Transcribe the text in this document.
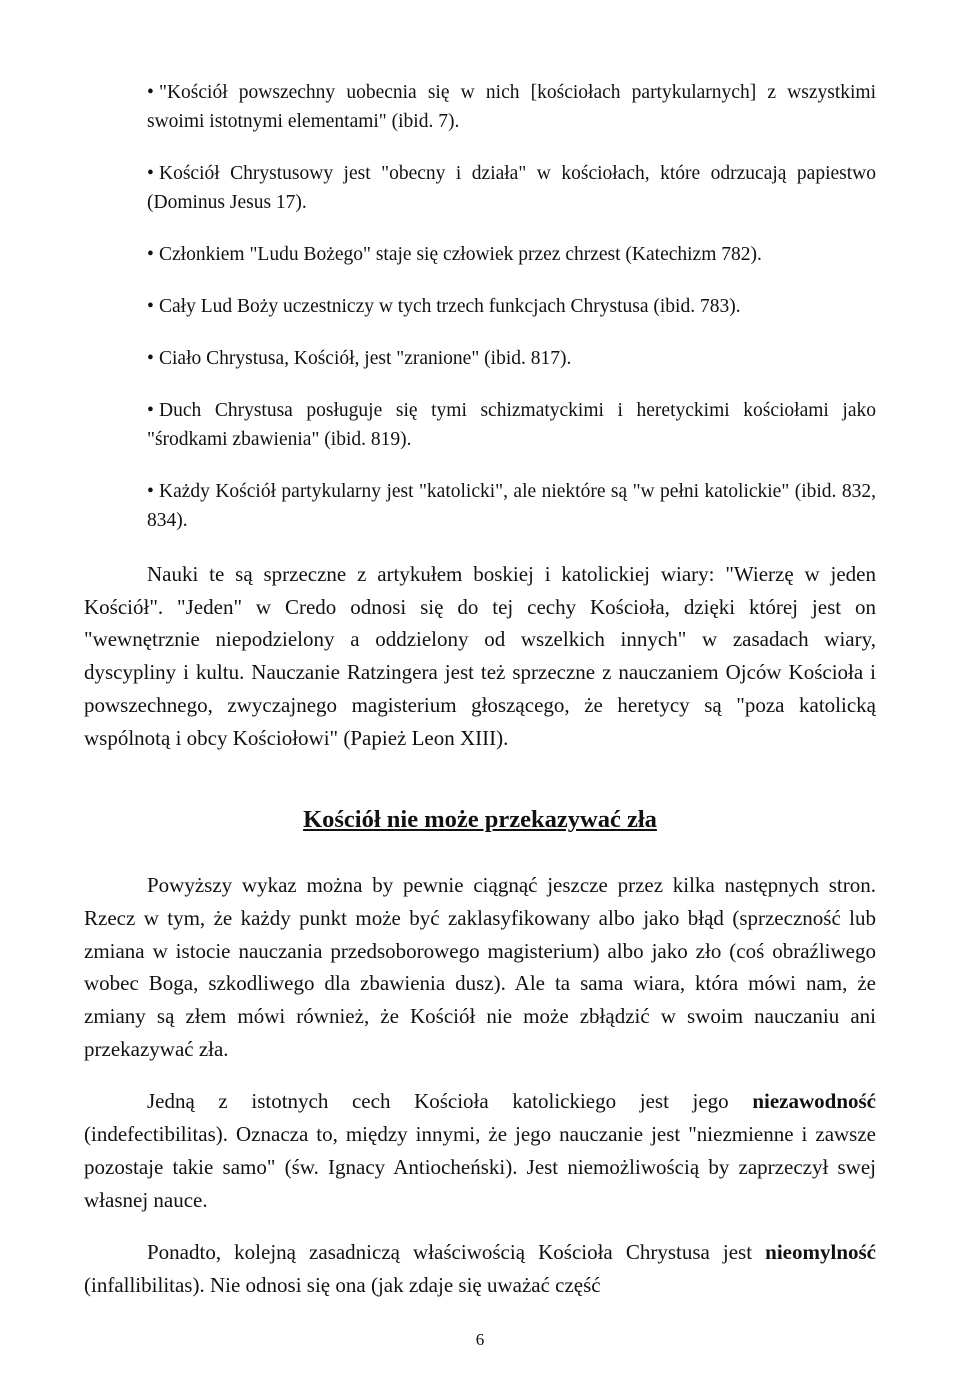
• "Kościół powszechny uobecnia się w nich [kościołach partykularnych] z wszystkimi swoimi istotnymi elementami" (ibid. 7).
• Kościół Chrystusowy jest "obecny i działa" w kościołach, które odrzucają papiestwo (Dominus Jesus 17).
• Członkiem "Ludu Bożego" staje się człowiek przez chrzest (Katechizm 782).
• Cały Lud Boży uczestniczy w tych trzech funkcjach Chrystusa (ibid. 783).
• Ciało Chrystusa, Kościół, jest "zranione" (ibid. 817).
• Duch Chrystusa posługuje się tymi schizmatyckimi i heretyckimi kościołami jako "środkami zbawienia" (ibid. 819).
• Każdy Kościół partykularny jest "katolicki", ale niektóre są "w pełni katolickie" (ibid. 832, 834).

Nauki te są sprzeczne z artykułem boskiej i katolickiej wiary: "Wierzę w jeden Kościół". "Jeden" w Credo odnosi się do tej cechy Kościoła, dzięki której jest on "wewnętrznie niepodzielony a oddzielony od wszelkich innych" w zasadach wiary, dyscypliny i kultu. Nauczanie Ratzingera jest też sprzeczne z nauczaniem Ojców Kościoła i powszechnego, zwyczajnego magisterium głoszącego, że heretycy są "poza katolicką wspólnotą i obcy Kościołowi" (Papież Leon XIII).

Kościół nie może przekazywać zła

Powyższy wykaz można by pewnie ciągnąć jeszcze przez kilka następnych stron. Rzecz w tym, że każdy punkt może być zaklasyfikowany albo jako błąd (sprzeczność lub zmiana w istocie nauczania przedsoborowego magisterium) albo jako zło (coś obraźliwego wobec Boga, szkodliwego dla zbawienia dusz). Ale ta sama wiara, która mówi nam, że zmiany są złem mówi również, że Kościół nie może zbłądzić w swoim nauczaniu ani przekazywać zła.

Jedną z istotnych cech Kościoła katolickiego jest jego niezawodność (indefectibilitas). Oznacza to, między innymi, że jego nauczanie jest "niezmienne i zawsze pozostaje takie samo" (św. Ignacy Antiocheński). Jest niemożliwością by zaprzeczył swej własnej nauce.

Ponadto, kolejną zasadniczą właściwością Kościoła Chrystusa jest nieomylność (infallibilitas). Nie odnosi się ona (jak zdaje się uważać część

6
